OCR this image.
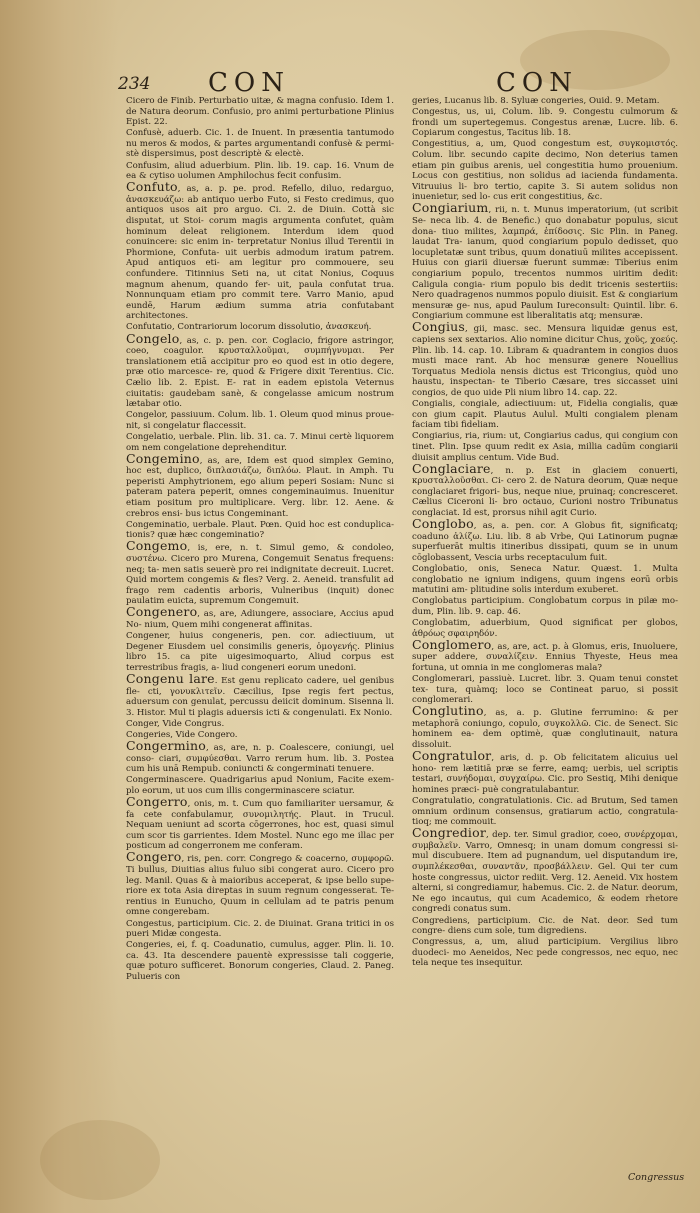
234 CON	CON
Cicero de Finib. Perturbatio uitæ, & magna confusio. Idem 1. de Natura deorum. Confusio, pro animi perturbatione Plinius Epist. 22.
Confusè, aduerb. Cic. 1. de Inuent. In præsentia tantumodo nu meros & modos, & partes argumentandi confusè & permi- stè dispersimus, post descriptè & electè.
Confusim, aliud aduerbium. Plin. lib. 19. cap. 16. Vnum de ea & cytiso uolumen Amphilochus fecit confusim.
Confuto, as, a. p. pe. prod. Refello, diluo, redarguo, ἀνασκευάζω: ab antiquo uerbo Futo, si Festo credimus, quo antiquos usos ait pro arguo. Ci. 2. de Diuin. Cottà sic disputat, ut Stoi- corum magis argumenta confutet, quàm hominum deleat religionem. Interdum idem quod conuincere: sic enim in- terpretatur Nonius illud Terentii in Phormione, Confuta- uit uerbis admodum iratum patrem. Apud antiquos eti- am legitur pro commouere, seu confundere. Titinnius Seti na, ut citat Nonius, Coquus magnum ahenum, quando fer- uit, paula confutat trua. Nonnunquam etiam pro commit tere. Varro Manio, apud eundē, Harum ædium summa atria confutabant architectones.
Confutatio, Contrariorum locorum dissolutio, ἀνασκευή.
Congelo, as, c. p. pen. cor. Coglacio, frigore astringor, coeo, coagulor. κρυσταλλοῦμαι, συμπήγνυμαι. Per translationem etiā accipitur pro eo quod est in otio degere, præ otio marcesce- re, quod & Frigere dixit Terentius. Cic. Cælio lib. 2. Epist. E- rat in eadem epistola Veternus ciuitatis: gaudebam sanè, & congelasse amicum nostrum lætabar otio.
Congelor, passiuum. Colum. lib. 1. Oleum quod minus proue- nit, si congelatur flaccessit.
Congelatio, uerbale. Plin. lib. 31. ca. 7. Minui certè liquorem om nem congelatione deprehenditur.
Congemino, as, are, Idem est quod simplex Gemino, hoc est, duplico, διπλασιάζω, διπλόω. Plaut. in Amph. Tu peperisti Amphytrionem, ego alium peperi Sosiam: Nunc si pateram patera peperit, omnes congeminauimus. Inuenitur etiam positum pro multiplicare. Verg. libr. 12. Aene. & crebros ensi- bus ictus Congeminant.
Congeminatio, uerbale. Plaut. Pœn. Quid hoc est conduplica- tionis? quæ hæc congeminatio?
Congemo, is, ere, n. t. Simul gemo, & condoleo, συστένω. Cicero pro Murena, Congemuit Senatus frequens: neq; ta- men satis seuerè pro rei indignitate decreuit. Lucret. Quid mortem congemis & fles? Verg. 2. Aeneid. transfulit ad frago rem cadentis arboris, Vulneribus (inquit) donec paulatim euicta, supremum Congemuit.
Congenero, as, are, Adiungere, associare, Accius apud No- nium, Quem mihi congenerat affinitas.
Congener, huius congeneris, pen. cor. adiectiuum, ut Degener Eiusdem uel consimilis generis, ὁμογενής. Plinius libro 15. ca pite uigesimoquarto, Aliud corpus est terrestribus fragis, a- liud congeneri eorum unedoni.
Congenu lare. Est genu replicato cadere, uel genibus fle- cti, γονυκλιτεῖν. Cæcilius, Ipse regis fert pectus, aduersum con genulat, percussu deiicit dominum. Sisenna li. 3. Histor. Mul ti plagis aduersis icti & congenulati. Ex Nonio.
Conger, Vide Congrus.
Congeries, Vide Congero.
Congermino, as, are, n. p. Coalescere, coniungi, uel conso- ciari, συμφύεσθαι. Varro rerum hum. lib. 3. Postea cum his unā Rempub. coniuncti & congerminati tenuere.
Congerminascere. Quadrigarius apud Nonium, Facite exem- plo eorum, ut uos cum illis congerminascere sciatur.
Congerro, onis, m. t. Cum quo familiariter uersamur, & fa cete confabulamur, συνομιλητής. Plaut. in Trucul. Nequam ueniunt ad scorta cōgerrones, hoc est, quasi simul cum scor tis garrientes. Idem Mostel. Nunc ego me illac per posticum ad congerronem me conferam.
Congero, ris, pen. corr. Congrego & coacerno, συμφορῶ. Ti bullus, Diuitias alius fuluo sibi congerat auro. Cicero pro leg. Manil. Quas & à maioribus acceperat, & ipse bello supe- riore ex tota Asia direptas in suum regnum congesserat. Te- rentius in Eunucho, Quum in cellulam ad te patris penum omne congerebam.
Congestus, participium. Cic. 2. de Diuinat. Grana tritici in os pueri Midæ congesta.
Congeries, ei, f. q. Coadunatio, cumulus, agger. Plin. li. 10. ca. 43. Ita descendere pauentè expressisse tali coggerie, quæ poturo sufficeret. Bonorum congeries, Claud. 2. Paneg. Pulueris con
geries, Lucanus lib. 8. Syluæ congeries, Ouid. 9. Metam.
Congestus, us, ui, Colum. lib. 9. Congestu culmorum & frondi um supertegemus. Congestus arenæ, Lucre. lib. 6. Copiarum congestus, Tacitus lib. 18.
Congestitius, a, um, Quod congestum est, συγκομιστός. Colum. libr. secundo capite decimo, Non deterius tamen etiam pin guibus arenis, uel congestitia humo prouenium. Locus con gestitius, non solidus ad iacienda fundamenta. Vitruuius li- bro tertio, capite 3. Si autem solidus non inuenietur, sed lo- cus erit congestitius, &c.
Congiarium, rii, n. t. Munus imperatorium, (ut scribit Se- neca lib. 4. de Benefic.) quo donabatur populus, sicut dona- tiuo milites, λαμπρά, ἐπίδοσις. Sic Plin. in Paneg. laudat Tra- ianum, quod congiarium populo dedisset, quo locupletatæ sunt tribus, quum donatiuū milites accepissent. Huius con giarii diuersæ fuerunt summæ: Tiberius enim congiarium populo, trecentos nummos uiritim dedit: Caligula congia- rium populo bis dedit tricenis sestertiis: Nero quadragenos nummos populo diuisit. Est & congiarium mensuræ ge- nus, apud Paulum Iureconsult: Quintil. libr. 6. Congiarium commune est liberalitatis atq; mensuræ.
Congius, gii, masc. sec. Mensura liquidæ genus est, capiens sex sextarios. Alio nomine dicitur Chus, χοῦς, χοεύς. Plin. lib. 14. cap. 10. Libram & quadrantem in congios duos musti mace rant. Ab hoc mensuræ genere Nouellius Torquatus Mediola nensis dictus est Tricongius, quòd uno haustu, inspectan- te Tiberio Cæsare, tres siccasset uini congios, de quo uide Pli nium libro 14. cap. 22.
Congialis, congiale, adiectiuum: ut, Fidelia congialis, quæ con gium capit. Plautus Aulul. Multi congialem plenam faciam tibi fideliam.
Congiarius, ria, rium: ut, Congiarius cadus, qui congium con tinet. Plin. Ipse quum redit ex Asia, millia cadūm congiarii diuisit amplius centum. Vide Bud.
Conglaciare, n. p. Est in glaciem conuerti, κρυσταλλοῦσθαι. Ci- cero 2. de Natura deorum, Quæ neque conglaciaret frigori- bus, neque niue, pruinaq; concresceret. Cælius Ciceroni li- bro octauo, Curioni nostro Tribunatus conglaciat. Id est, prorsus nihil agit Curio.
Conglobo, as, a. pen. cor. A Globus fit, significatq; coaduno ἀλίζω. Liu. lib. 8 ab Vrbe, Qui Latinorum pugnæ superfuerāt multis itineribus dissipati, quum se in unum cōglobassent, Vescia urbs receptaculum fuit.
Conglobatio, onis, Seneca Natur. Quæst. 1. Multa conglobatio ne ignium indigens, quum ingens eorū orbis matutini am- plitudine solis interdum exuberet.
Conglobatus participium. Conglobatum corpus in pilæ mo- dum, Plin. lib. 9. cap. 46.
Conglobatim, aduerbium, Quod significat per globos, ἀθρόως σφαιρηδόν.
Conglomero, as, are, act. p. à Glomus, eris, Inuoluere, super addere, συναλίζειν. Ennius Thyeste, Heus mea fortuna, ut omnia in me conglomeras mala?
Conglomerari, passiuè. Lucret. libr. 3. Quam tenui constet tex- tura, quàmq; loco se Contineat paruo, si possit conglomerari.
Conglutino, as, a. p. Glutine ferrumino: & per metaphorā coniungo, copulo, συγκολλῶ. Cic. de Senect. Sic hominem ea- dem optimè, quæ conglutinauit, natura dissoluit.
Congratulor, aris, d. p. Ob felicitatem alicuius uel hono- rem lætitiā præ se ferre, eamq; uerbis, uel scriptis testari, συνήδομαι, συγχαίρω. Cic. pro Sestiq, Mihi denique homines præci- puè congratulabantur.
Congratulatio, congratulationis. Cic. ad Brutum, Sed tamen omnium ordinum consensus, gratiarum actio, congratula- tioq; me commouit.
Congredior, dep. ter. Simul gradior, coeo, συνέρχομαι, συμβαλεῖν. Varro, Omnesq; in unam domum congressi si- mul discubuere. Item ad pugnandum, uel disputandum ire, συμπλέκεσθαι, συναντᾶν, προσβάλλειν. Gel. Qui ter cum hoste congressus, uictor rediit. Verg. 12. Aeneid. Vix hostem alterni, si congrediamur, habemus. Cic. 2. de Natur. deorum, Ne ego incautus, qui cum Academico, & eodem rhetore congredi conatus sum.
Congrediens, participium. Cic. de Nat. deor. Sed tum congre- diens cum sole, tum digrediens.
Congressus, a, um, aliud participium. Vergilius libro duodeci- mo Aeneidos, Nec pede congressos, nec equo, nec tela neque tes insequitur.
Congressus
